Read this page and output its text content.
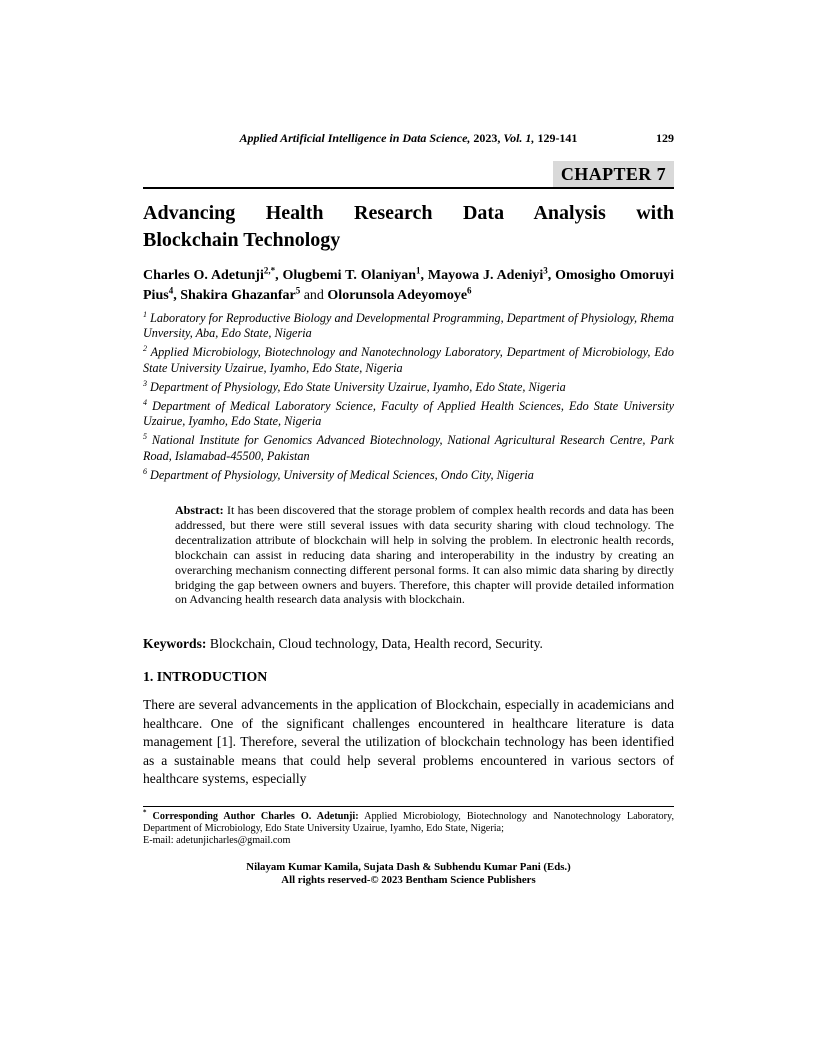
Applied Artificial Intelligence in Data Science, 2023, Vol. 1, 129-141	129
CHAPTER 7
Advancing Health Research Data Analysis with
Blockchain Technology

Charles O. Adetunji$^{2,*}$, Olugbemi T. Olaniyan$^1$, Mayowa J. Adeniyi$^3$, Omosigho Omoruyi Pius$^4$, Shakira Ghazanfar$^5$ and Olorunsola Adeyomoye$^6$

$^1$ Laboratory for Reproductive Biology and Developmental Programming, Department of Physiology, Rhema Unversity, Aba, Edo State, Nigeria

$^2$ Applied Microbiology, Biotechnology and Nanotechnology Laboratory, Department of Microbiology, Edo State University Uzairue, Iyamho, Edo State, Nigeria

$^3$ Department of Physiology, Edo State University Uzairue, Iyamho, Edo State, Nigeria

$^4$ Department of Medical Laboratory Science, Faculty of Applied Health Sciences, Edo State University Uzairue, Iyamho, Edo State, Nigeria

$^5$ National Institute for Genomics Advanced Biotechnology, National Agricultural Research Centre, Park Road, Islamabad-45500, Pakistan

$^6$ Department of Physiology, University of Medical Sciences, Ondo City, Nigeria

Abstract: It has been discovered that the storage problem of complex health records and data has been addressed, but there were still several issues with data security sharing with cloud technology. The decentralization attribute of blockchain will help in solving the problem. In electronic health records, blockchain can assist in reducing data sharing and interoperability in the industry by creating an overarching mechanism connecting different personal forms. It can also mimic data sharing by directly bridging the gap between owners and buyers. Therefore, this chapter will provide detailed information on Advancing health research data analysis with blockchain.

Keywords: Blockchain, Cloud technology, Data, Health record, Security.

1. INTRODUCTION

There are several advancements in the application of Blockchain, especially in academicians and healthcare. One of the significant challenges encountered in healthcare literature is data management [1]. Therefore, several the utilization of blockchain technology has been identified as a sustainable means that could help several problems encountered in various sectors of healthcare systems, especially

* Corresponding Author Charles O. Adetunji: Applied Microbiology, Biotechnology and Nanotechnology Laboratory, Department of Microbiology, Edo State University Uzairue, Iyamho, Edo State, Nigeria;
E-mail: adetunjicharles@gmail.com

Nilayam Kumar Kamila, Sujata Dash & Subhendu Kumar Pani (Eds.)
All rights reserved-© 2023 Bentham Science Publishers
